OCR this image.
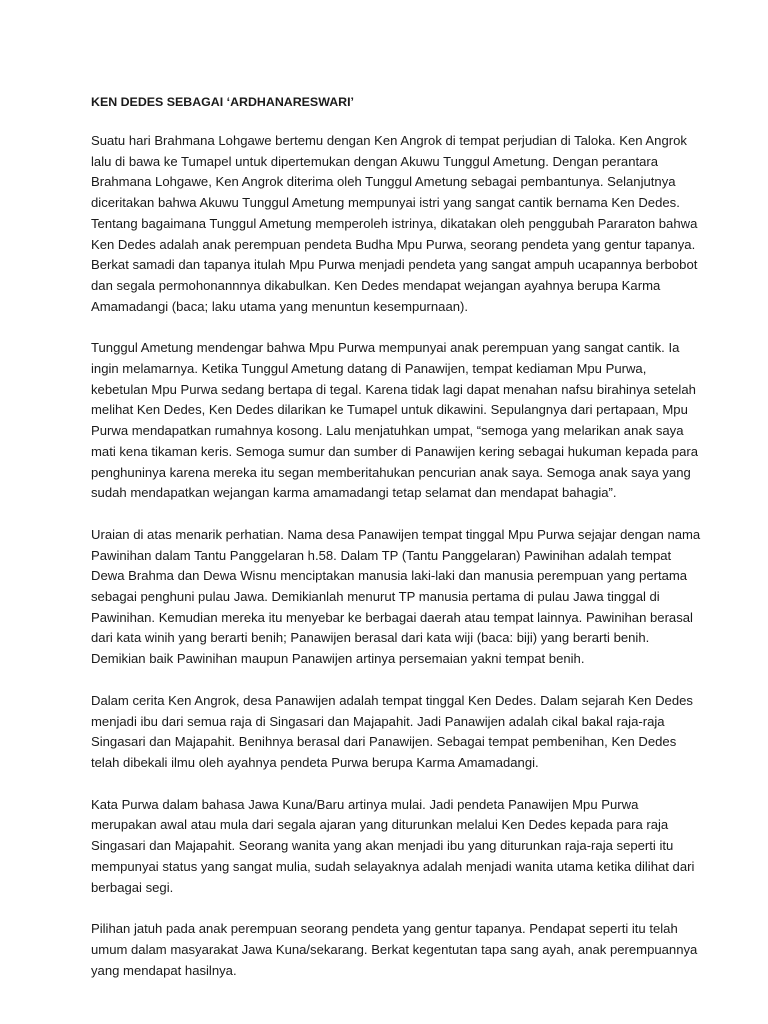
KEN DEDES SEBAGAI ‘ARDHANARESWARI’

Suatu hari Brahmana Lohgawe bertemu dengan Ken Angrok di tempat perjudian di Taloka. Ken Angrok lalu di bawa ke Tumapel untuk dipertemukan dengan Akuwu Tunggul Ametung. Dengan perantara Brahmana Lohgawe, Ken Angrok diterima oleh Tunggul Ametung sebagai pembantunya. Selanjutnya diceritakan bahwa Akuwu Tunggul Ametung mempunyai istri yang sangat cantik bernama Ken Dedes. Tentang bagaimana Tunggul Ametung memperoleh istrinya, dikatakan oleh penggubah Pararaton bahwa Ken Dedes adalah anak perempuan pendeta Budha Mpu Purwa, seorang pendeta yang gentur tapanya. Berkat samadi dan tapanya itulah Mpu Purwa menjadi pendeta yang sangat ampuh ucapannya berbobot dan segala permohonannnya dikabulkan. Ken Dedes mendapat wejangan ayahnya berupa Karma Amamadangi (baca; laku utama yang menuntun kesempurnaan).

Tunggul Ametung mendengar bahwa Mpu Purwa mempunyai anak perempuan yang sangat cantik. Ia ingin melamarnya. Ketika Tunggul Ametung datang di Panawijen, tempat kediaman Mpu Purwa, kebetulan Mpu Purwa sedang bertapa di tegal. Karena tidak lagi dapat menahan nafsu birahinya setelah melihat Ken Dedes, Ken Dedes dilarikan ke Tumapel untuk dikawini. Sepulangnya dari pertapaan, Mpu Purwa mendapatkan rumahnya kosong. Lalu menjatuhkan umpat, “semoga yang melarikan anak saya mati kena tikaman keris. Semoga sumur dan sumber di Panawijen kering sebagai hukuman kepada para penghuninya karena mereka itu segan memberitahukan pencurian anak saya. Semoga anak saya yang sudah mendapatkan wejangan karma amamadangi tetap selamat dan mendapat bahagia”.

Uraian di atas menarik perhatian. Nama desa Panawijen tempat tinggal Mpu Purwa sejajar dengan nama Pawinihan dalam Tantu Panggelaran h.58. Dalam TP (Tantu Panggelaran) Pawinihan adalah tempat Dewa Brahma dan Dewa Wisnu menciptakan manusia laki-laki dan manusia perempuan yang pertama sebagai penghuni pulau Jawa. Demikianlah menurut TP manusia pertama di pulau Jawa tinggal di Pawinihan. Kemudian mereka itu menyebar ke berbagai daerah atau tempat lainnya. Pawinihan berasal dari kata winih yang berarti benih; Panawijen berasal dari kata wiji (baca: biji) yang berarti benih. Demikian baik Pawinihan maupun Panawijen artinya persemaian yakni tempat benih.

Dalam cerita Ken Angrok, desa Panawijen adalah tempat tinggal Ken Dedes. Dalam sejarah Ken Dedes menjadi ibu dari semua raja di Singasari dan Majapahit. Jadi Panawijen adalah cikal bakal raja-raja Singasari dan Majapahit. Benihnya berasal dari Panawijen. Sebagai tempat pembenihan, Ken Dedes telah dibekali ilmu oleh ayahnya pendeta Purwa berupa Karma Amamadangi.

Kata Purwa dalam bahasa Jawa Kuna/Baru artinya mulai. Jadi pendeta Panawijen Mpu Purwa merupakan awal atau mula dari segala ajaran yang diturunkan melalui Ken Dedes kepada para raja Singasari dan Majapahit. Seorang wanita yang akan menjadi ibu yang diturunkan raja-raja seperti itu mempunyai status yang sangat mulia, sudah selayaknya adalah menjadi wanita utama ketika dilihat dari berbagai segi.

Pilihan jatuh pada anak perempuan seorang pendeta yang gentur tapanya. Pendapat seperti itu telah umum dalam masyarakat Jawa Kuna/sekarang. Berkat kegentutan tapa sang ayah, anak perempuannya yang mendapat hasilnya.
